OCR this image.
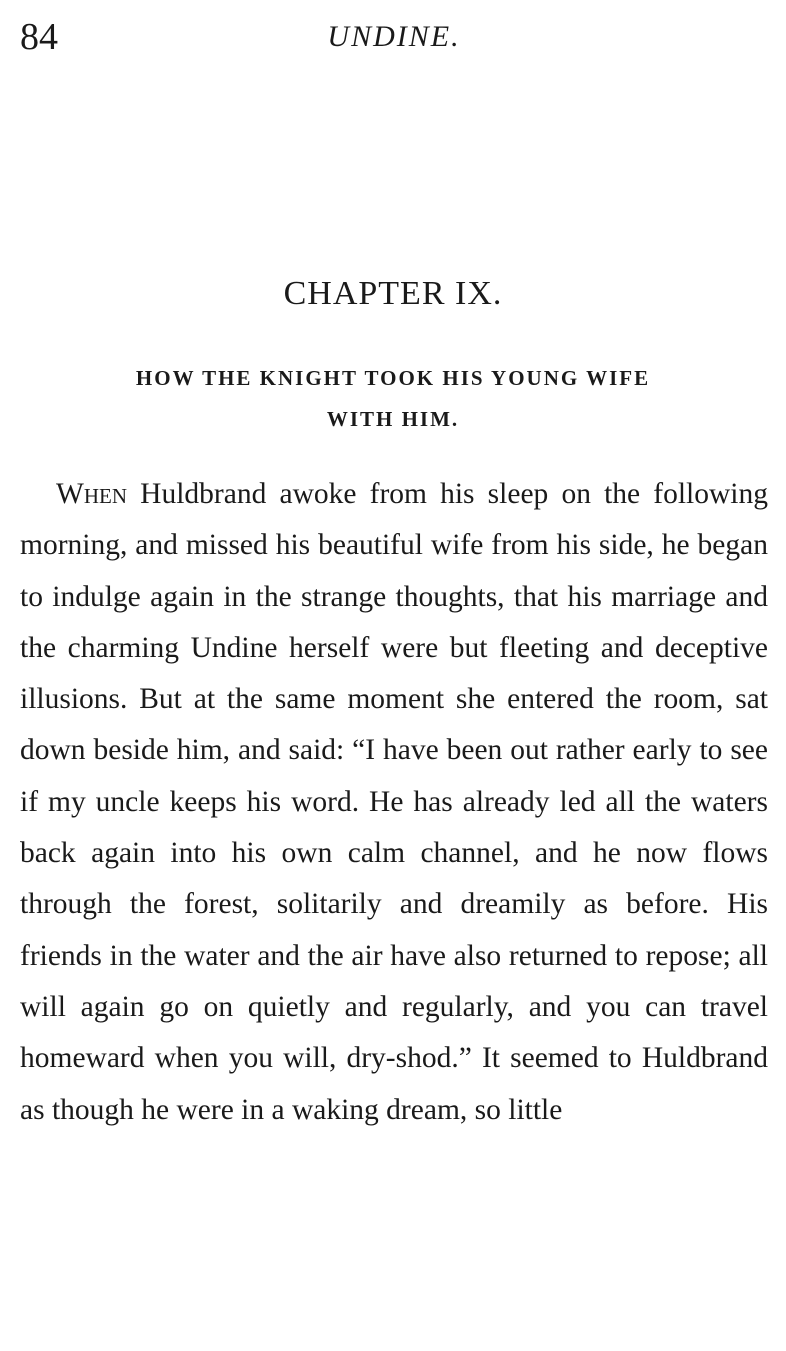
84	UNDINE.
CHAPTER IX.
HOW THE KNIGHT TOOK HIS YOUNG WIFE
WITH HIM.

When Huldbrand awoke from his sleep on the following morning, and missed his beautiful wife from his side, he began to indulge again in the strange thoughts, that his marriage and the charming Undine herself were but fleeting and deceptive illusions. But at the same moment she entered the room, sat down beside him, and said: “I have been out rather early to see if my uncle keeps his word. He has already led all the waters back again into his own calm channel, and he now flows through the forest, solitarily and dreamily as before. His friends in the water and the air have also returned to repose; all will again go on quietly and regularly, and you can travel homeward when you will, dry-shod.” It seemed to Huldbrand as though he were in a waking dream, so little
